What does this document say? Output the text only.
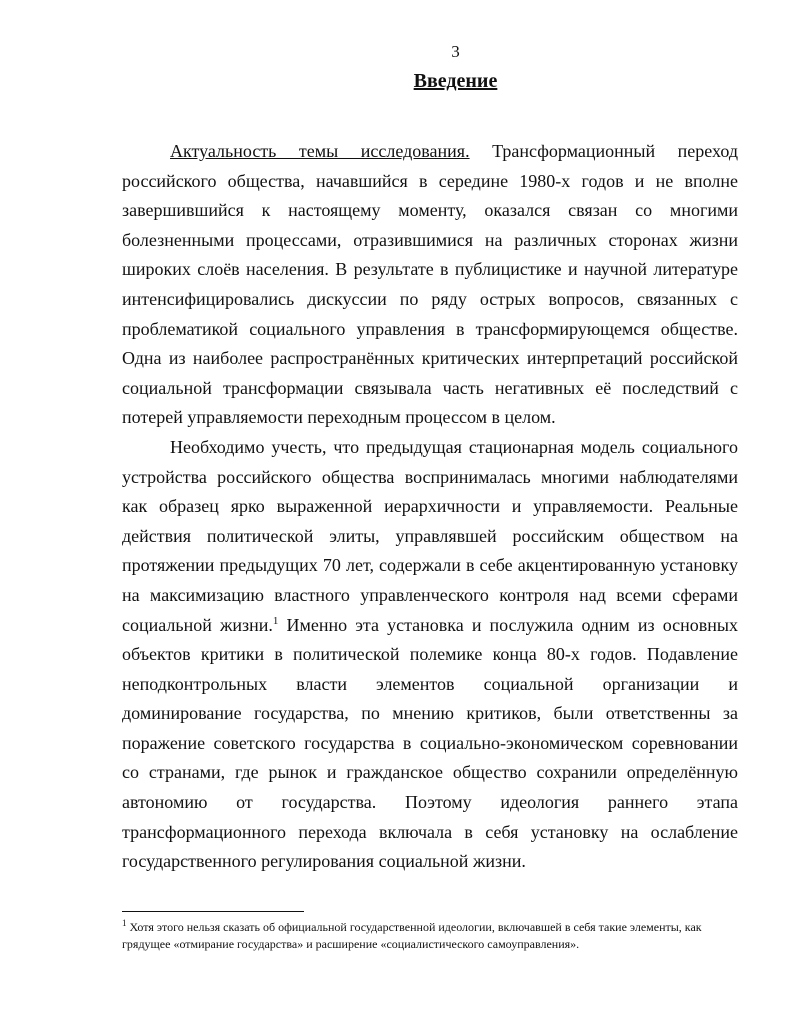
3
Введение

Актуальность темы исследования. Трансформационный переход российского общества, начавшийся в середине 1980-х годов и не вполне завершившийся к настоящему моменту, оказался связан со многими болезненными процессами, отразившимися на различных сторонах жизни широких слоёв населения. В результате в публицистике и научной литературе интенсифицировались дискуссии по ряду острых вопросов, связанных с проблематикой социального управления в трансформирующемся обществе. Одна из наиболее распространённых критических интерпретаций российской социальной трансформации связывала часть негативных её последствий с потерей управляемости переходным процессом в целом.

Необходимо учесть, что предыдущая стационарная модель социального устройства российского общества воспринималась многими наблюдателями как образец ярко выраженной иерархичности и управляемости. Реальные действия политической элиты, управлявшей российским обществом на протяжении предыдущих 70 лет, содержали в себе акцентированную установку на максимизацию властного управленческого контроля над всеми сферами социальной жизни.$^1$ Именно эта установка и послужила одним из основных объектов критики в политической полемике конца 80-х годов. Подавление неподконтрольных власти элементов социальной организации и доминирование государства, по мнению критиков, были ответственны за поражение советского государства в социально-экономическом соревновании со странами, где рынок и гражданское общество сохранили определённую автономию от государства. Поэтому идеология раннего этапа трансформационного перехода включала в себя установку на ослабление государственного регулирования социальной жизни.

$^1$ Хотя этого нельзя сказать об официальной государственной идеологии, включавшей в себя такие элементы, как грядущее «отмирание государства» и расширение «социалистического самоуправления».
